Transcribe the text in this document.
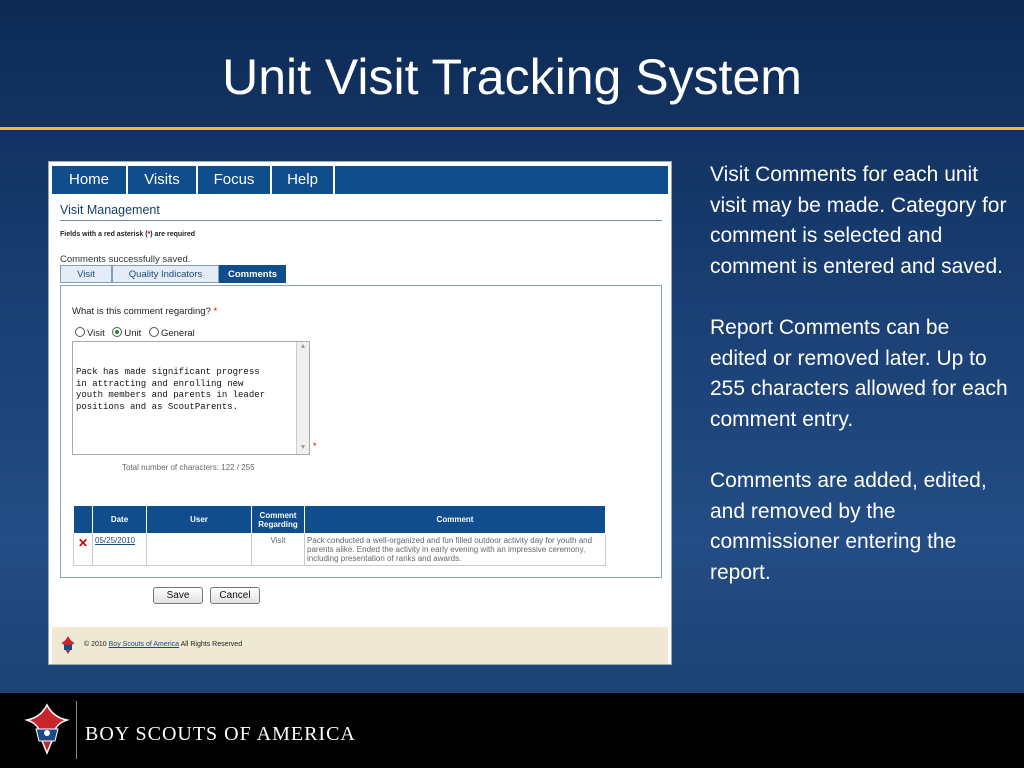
Unit Visit Tracking System
Home	Visits	Focus	Help
Visit Management
Fields with a red asterisk (*) are required
Comments successfully saved.
Visit	Quality Indicators	Comments
What is this comment regarding? *
Visit Unit General

Pack has made significant progress
in attracting and enrolling new
youth members and parents in leader
positions and as ScoutParents.

▲
▼

*
Total number of characters: 122 / 255
	Date	User	Comment Regarding	Comment
✕	05/25/2010		Visit	Pack conducted a well-organized and fun filled outdoor activity day for youth and parents alike. Ended the activity in early evening with an impressive ceremony, including presentation of ranks and awards.
Save	Cancel
© 2010 Boy Scouts of America All Rights Reserved

Visit Comments for each unit visit may be made. Category for comment is selected and comment is entered and saved.

Report Comments can be edited or removed later. Up to 255 characters allowed for each comment entry.

Comments are added, edited, and removed by the commissioner entering the report.

BOY SCOUTS OF AMERICA
